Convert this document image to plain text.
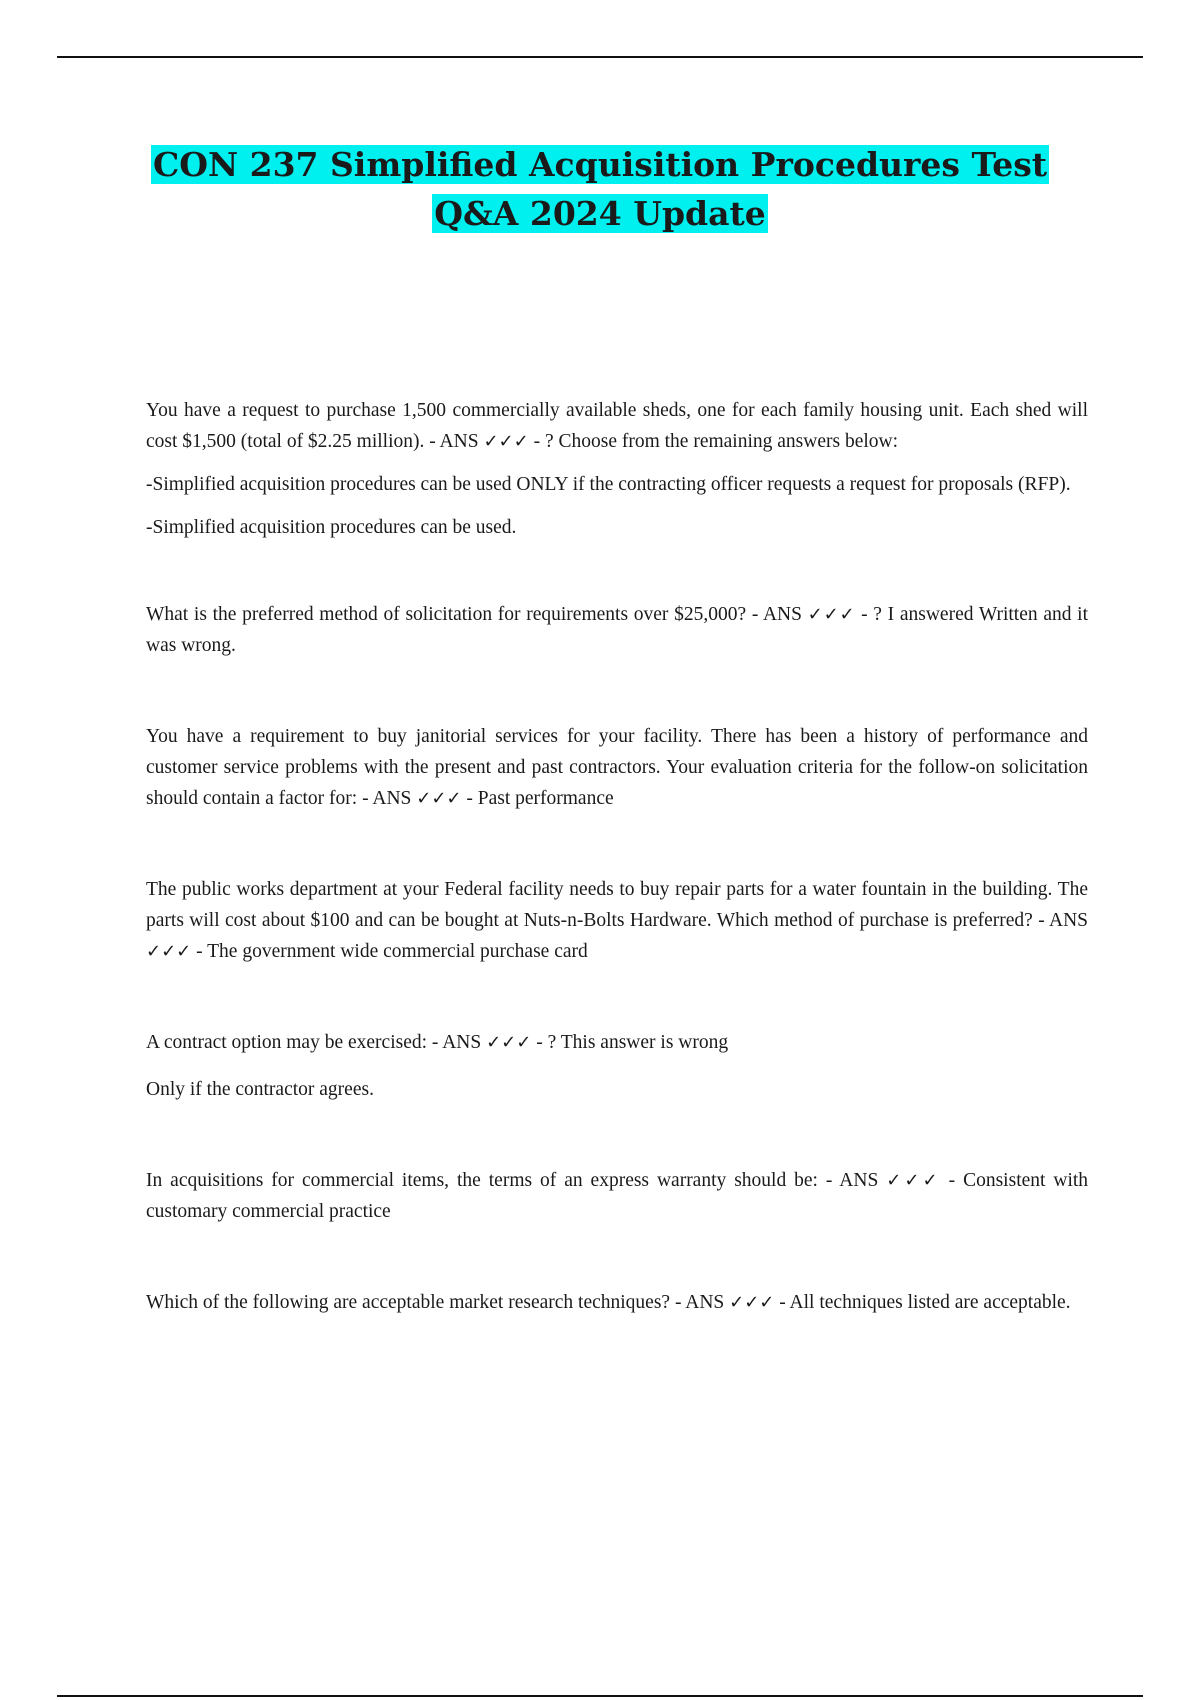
CON 237 Simplified Acquisition Procedures Test
Q&A 2024 Update

You have a request to purchase 1,500 commercially available sheds, one for each family housing unit. Each shed will cost $1,500 (total of $2.25 million). - ANS ✓✓✓ - ? Choose from the remaining answers below:

-Simplified acquisition procedures can be used ONLY if the contracting officer requests a request for proposals (RFP).

-Simplified acquisition procedures can be used.

What is the preferred method of solicitation for requirements over $25,000? - ANS ✓✓✓ - ? I answered Written and it was wrong.

You have a requirement to buy janitorial services for your facility. There has been a history of performance and customer service problems with the present and past contractors. Your evaluation criteria for the follow-on solicitation should contain a factor for: - ANS ✓✓✓ - Past performance

The public works department at your Federal facility needs to buy repair parts for a water fountain in the building. The parts will cost about $100 and can be bought at Nuts-n-Bolts Hardware. Which method of purchase is preferred? - ANS ✓✓✓ - The government wide commercial purchase card

A contract option may be exercised: - ANS ✓✓✓ - ? This answer is wrong

Only if the contractor agrees.

In acquisitions for commercial items, the terms of an express warranty should be: - ANS ✓✓✓ - Consistent with customary commercial practice

Which of the following are acceptable market research techniques? - ANS ✓✓✓ - All techniques listed are acceptable.
